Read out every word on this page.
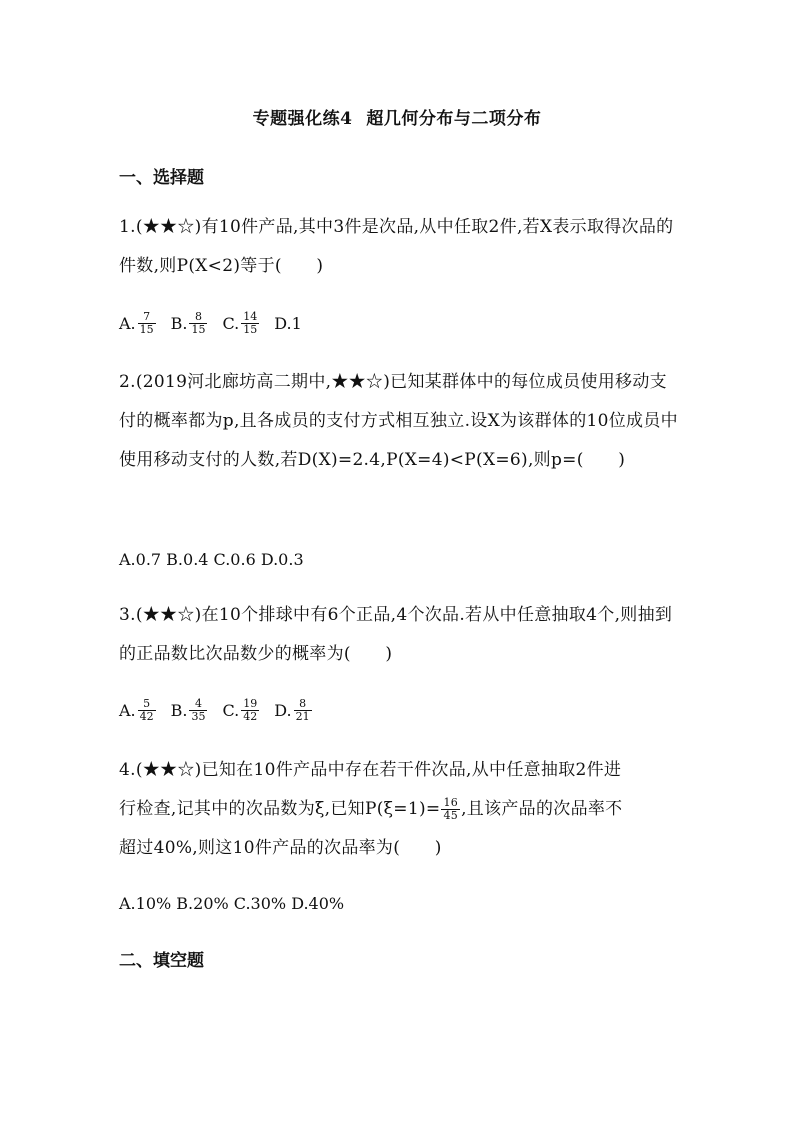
专题强化练4 超几何分布与二项分布
一、选择题
1.(★★☆)有10件产品,其中3件是次品,从中任取2件,若X表示取得次品的件数,则P(X<2)等于(　　)
A. $\frac{7}{15} B$. $\frac{8}{15} C$. $\frac{14}{15} D.1$
2.(2019河北廊坊高二期中,★★☆)已知某群体中的每位成员使用移动支付的概率都为p,且各成员的支付方式相互独立.设X为该群体的10位成员中使用移动支付的人数,若D(X)=2.4,P(X=4)<P(X=6),则p=(　　)
A.0.7 B.0.4 C.0.6 D.0.3
3.(★★☆)在10个排球中有6个正品,4个次品.若从中任意抽取4个,则抽到的正品数比次品数少的概率为(　　)
A. $\frac{5}{42} B$. $\frac{4}{35} C$. $\frac{19}{42} D$. $\frac{8}{21}$
4.(★★☆)已知在10件产品中存在若干件次品,从中任意抽取2件进
行检查,记其中的次品数为ξ,已知$P(\xi=1)= \frac{16}{45}$ ,且该产品的次品率不
超过40%,则这10件产品的次品率为(　　)
A.10% B.20% C.30% D.40%
二、填空题
